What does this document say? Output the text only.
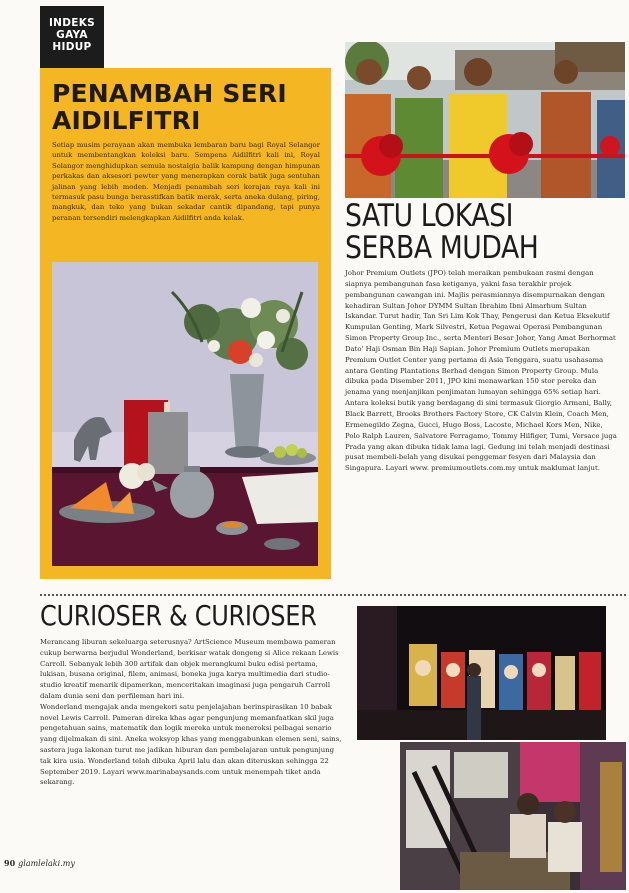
INDEKS
GAYA
HIDUP
PENAMBAH SERI AIDILFITRI

Setiap musim perayaan akan membuka lembaran baru bagi Royal Selangor untuk membentangkan koleksi baru. Sempena Aidilfitri kali ini, Royal Selangor menghidupkan semula nostalgia balik kampung dengan himpunan perkakas dan aksesori pewter yang menerapkan corak batik juga sentuhan jalinan yang lebih moden. Menjadi penambah seri kerajan raya kali ini termasuk pasu bunga berasstifkan batik merak, serta aneka dulang, piring, mangkuk, dan teko yang bukan sekadar cantik dipandang, tapi punya peranan tersendiri melengkapkan Aidilfitri anda kelak.	SATU LOKASI
SERBA MUDAH

Johor Premium Outlets (JPO) telah meraikan pembukaan rasmi dengan siapnya pembangunan fasa ketiganya, yakni fasa terakhir projek pembangunan cawangan ini. Majlis perasmiannya disempurnakan dengan kehadiran Sultan Johor DYMM Sultan Ibrahim Ibni Almarhum Sultan Iskandar. Turut hadir, Tan Sri Lim Kok Thay, Pengerusi dan Ketua Eksekutif Kumpulan Genting, Mark Silvestri, Ketua Pegawai Operasi Pembangunan Simon Property Group Inc., serta Menteri Besar Johor, Yang Amat Berhormat Dato' Haji Osman Bin Haji Sapian. Johor Premium Outlets merupakan Premium Outlet Center yang pertama di Asia Tenggara, suatu usahasama antara Genting Plantations Berhad dengan Simon Property Group. Mula dibuka pada Disember 2011, JPO kini menawarkan 150 stor pereka dan jenama yang menjanjikan penjimatan lumayan sehingga 65% setiap hari. Antara koleksi butik yang berdagang di sini termasuk Giorgio Armani, Bally, Black Barrett, Brooks Brothers Factory Store, CK Calvin Klein, Coach Men, Ermenegildo Zegna, Gucci, Hugo Boss, Lacoste, Michael Kors Men, Nike, Polo Ralph Lauren, Salvatore Ferragamo, Tommy Hilfiger, Tumi, Versace juga Prada yang akan dibuka tidak lama lagi. Gedung ini telah menjadi destinasi pusat membeli-belah yang disukai penggemar fesyen dari Malaysia dan Singapura. Layari www. premiumoutlets.com.my untuk maklumat lanjut.

CURIOSER & CURIOSER

Merancang liburan sekeluarga seterusnya? ArtScience Museum membawa pameran cukup berwarna berjudul Wonderland, berkisar watak dongeng si Alice rekaan Lewis Carroll. Sebanyak lebih 300 artifak dan objek merangkumi buku edisi pertama, lukisan, busana original, filem, animasi, boneka juga karya multimedia dari studio-studio kreatif menarik dipamerkan, menceritakan imaginasi juga pengaruh Carroll dalam dunia seni dan perfileman hari ini.

Wonderland mengajak anda mengekori satu penjelajahan berinspirasikan 10 babak novel Lewis Carroll. Pameran direka khas agar pengunjung memanfaatkan skil juga pengetahuan sains, matematik dan logik mereka untuk meneroksi pelbagai senario yang dijelmakan di sini. Aneka woksyop khas yang menggabunkan elemen seni, sains, sastera juga lakonan turut me jadikan hiburan dan pembelajaran untuk pengunjung tak kira usia. Wonderland telah dibuka April lalu dan akan diteruskan sehingga 22 September 2019. Layari www.marinabaysands.com untuk menempah tiket anda sekarang.

90 glamlelaki.my
